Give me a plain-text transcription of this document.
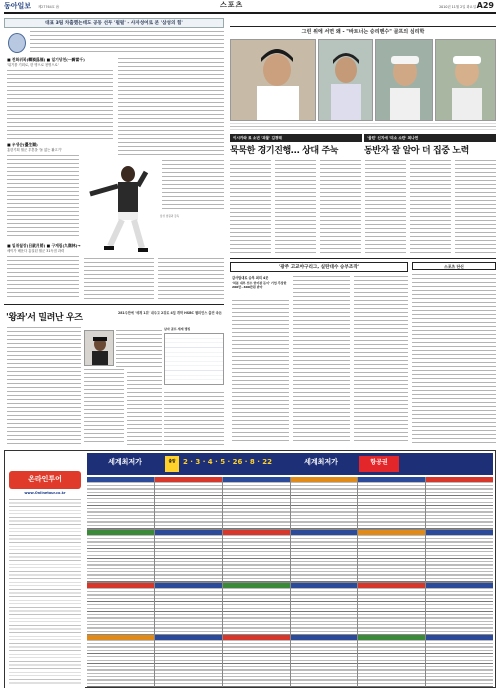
동아일보 제27764호 ㊃	스포츠	2010년 11월 2일 화요일 A29
대표 3팀 차출했는데도 공동 선두 '펄펄' - 사자성어로 본 '삼성의 힘'
■ 전화위복(轉禍爲福) ■ 일기당천(一騎當千)
'위기를 기회로, 한 명으로 천명으로'
■ 우생순(優生順)
흥한기획 월군 투혼을 '돌 없는 활고기'
삼성 임원과 감독
■ 일취월장(日就月將) ■ 구계림(九階林)→
세이가 배운다 흥걸된 월군 31득점 과력
'왕좌'서 밀려난 우즈	281주만에 '세계 1위' 내주고 2위로 4일 개막 HSBC 챔피언스 출전 속돈
남자 골프 세계 랭킹
그린 위에 서면 왜 - "바트너는 승리멘수" 골프의 심리학
이시카와 료 소년 '괴물' 김경태
묵묵한 경기진행… 상대 주눅
'골린' 신지애 '미소 소란' 최나연
동반자 잘 알아 더 집중 노력
'광주 고교야구리그, 실탄대수 승부조작'
감사팀대로 승부 최리 4곳
'처분 내부 선수 얻어관 돈이' 기업 주장한 200만~600만원 받아
스포츠 단신
온라인투어
www.Onlinetour.co.kr
세계최저가	출발	2 · 3 · 4 · 5 · 26 · 8 · 22	세계최저가	항공권
